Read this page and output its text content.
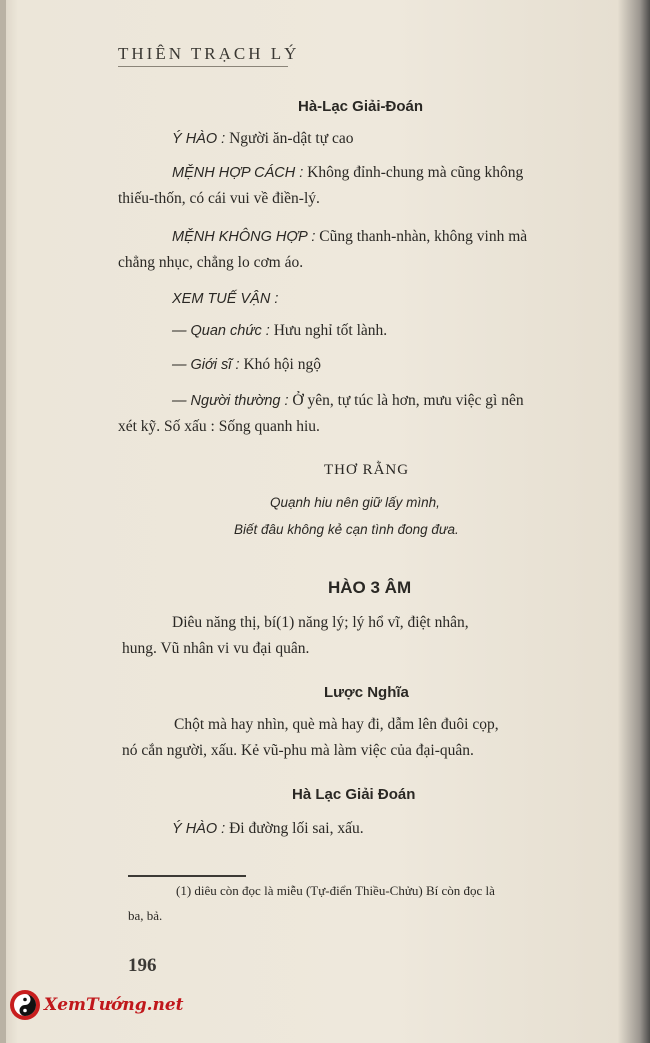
THIÊN TRẠCH LÝ
Hà-Lạc Giải-Đoán
Ý HÀO : Người ăn-dật tự cao
MỆNH HỢP CÁCH : Không đỉnh-chung mà cũng không
thiếu-thốn, có cái vui về điền-lý.
MỆNH KHÔNG HỢP : Cũng thanh-nhàn, không vinh mà
chẳng nhục, chẳng lo cơm áo.
XEM TUẾ VẬN :
— Quan chức : Hưu nghỉ tốt lành.
— Giới sĩ : Khó hội ngộ
— Người thường : Ở yên, tự túc là hơn, mưu việc gì nên
xét kỹ. Số xấu : Sống quanh hiu.
THƠ RẰNG
Quạnh hiu nên giữ lấy mình,
Biết đâu không kẻ cạn tình đong đưa.
HÀO 3 ÂM
Diêu năng thị, bí(1) năng lý; lý hổ vĩ, điệt nhân,
hung. Vũ nhân vi vu đại quân.
Lược Nghĩa
Chột mà hay nhìn, què mà hay đi, dẫm lên đuôi cọp,
nó cắn người, xấu. Kẻ vũ-phu mà làm việc của đại-quân.
Hà Lạc Giải Đoán
Ý HÀO : Đi đường lối sai, xấu.
(1) diêu còn đọc là miễu (Tự-điển Thiều-Chửu) Bí còn đọc là
ba, bả.
196
XemTướng.net
